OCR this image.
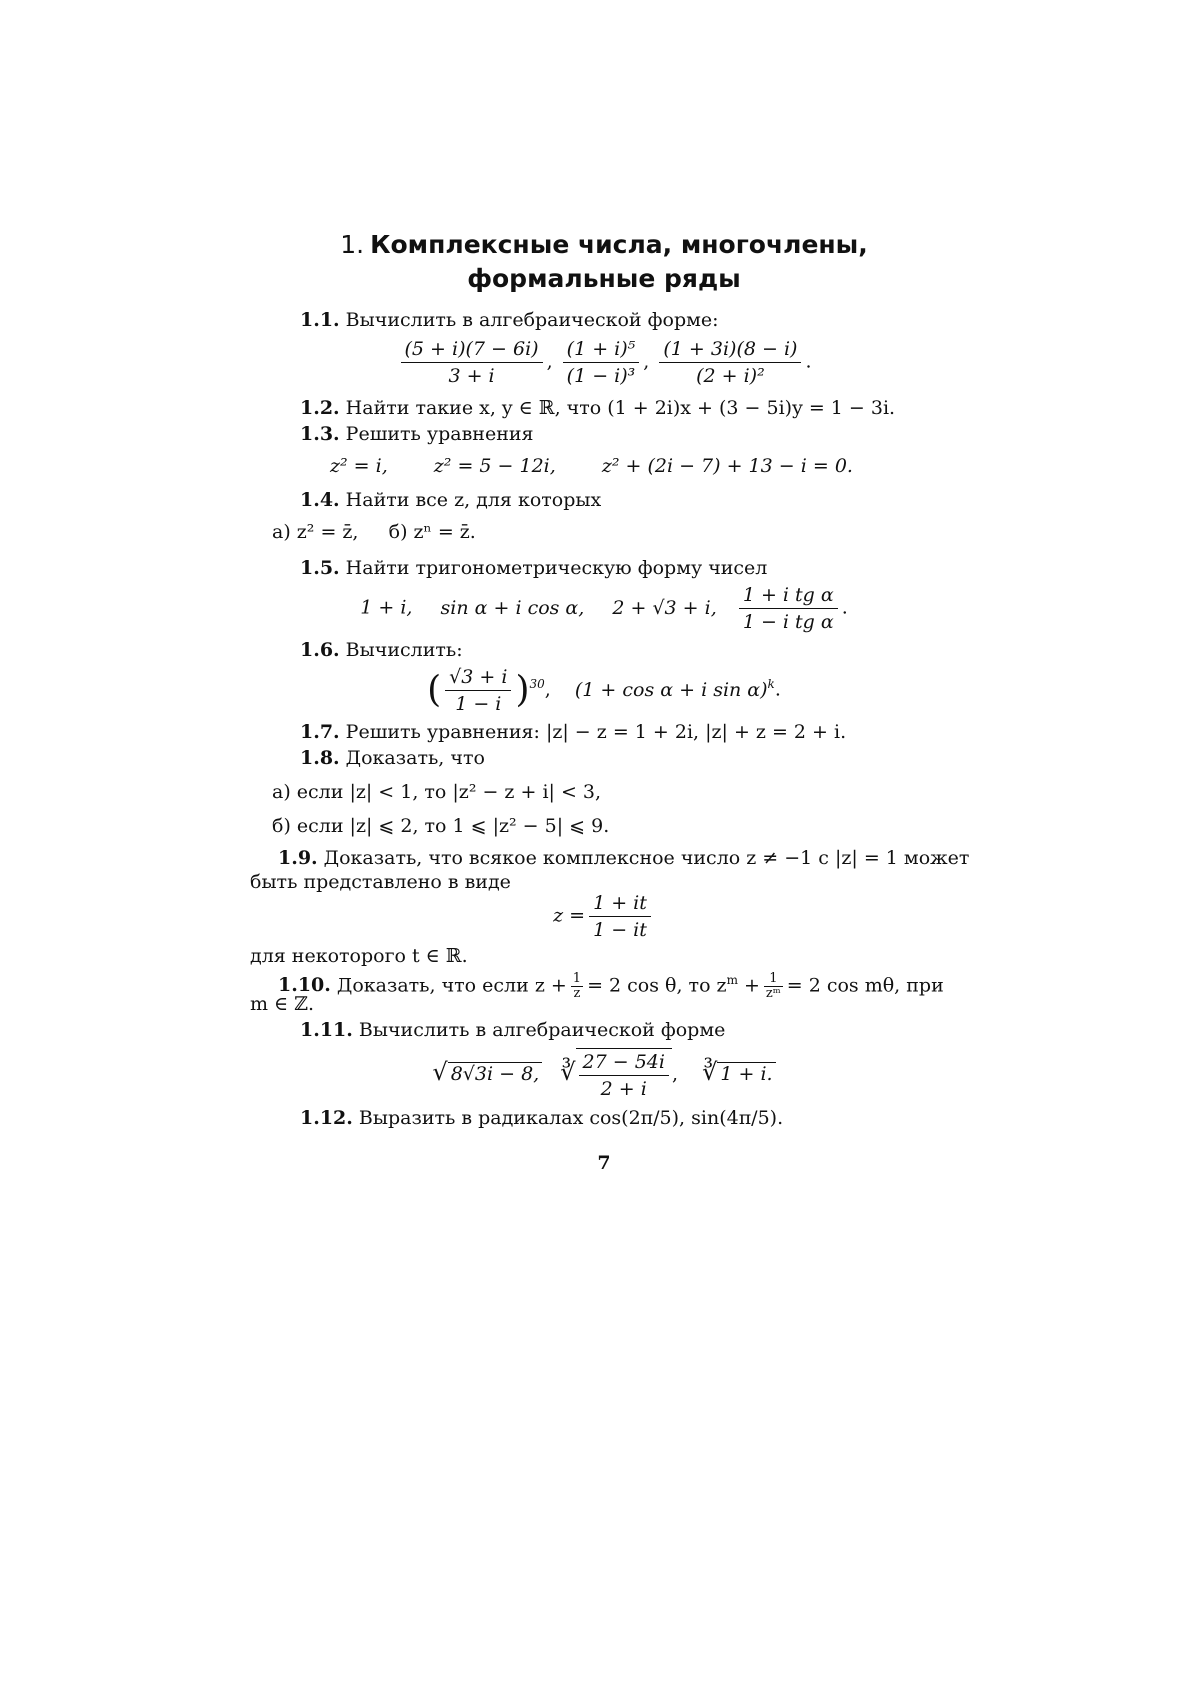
1. Комплексные числа, многочлены,
формальные ряды
1.1. Вычислить в алгебраической форме:
$\frac{(5 + i)(7 - 6i)}{3 + i}$ , $\frac{\text{(1 + i)⁵}}{\text{(1 − i)³}}$ , $\frac{(1 + 3i)(8 - i)}{\text{(2 + i)²}}$ .
1.2. Найти такие x, y ∈ ℝ, что (1 + 2i)x + (3 − 5i)y = 1 − 3i.
1.3. Решить уравнения
z² = i, z² = 5 − 12i, z² + (2i − 7) + 13 − i = 0.
1.4. Найти все z, для которых
а) z² = z̄,     б) zⁿ = z̄.
1.5. Найти тригонометрическую форму чисел
1 + i, sin α + i cos α, 2 + √3 + i, $\frac{\text{1 + i tg α}}{\text{1 − i tg α}}$ .
1.6. Вычислить:
( $\frac{√3 + i}{1 - i} )^{30}$, (1 + cos α + i sin α)$^k$.
1.7. Решить уравнения: |z| − z = 1 + 2i, |z| + z = 2 + i.
1.8. Доказать, что
а) если |z| < 1, то |z² − z + i| < 3,
б) если |z| ⩽ 2, то 1 ⩽ |z² − 5| ⩽ 9.
1.9. Доказать, что всякое комплексное число z ≠ −1 с |z| = 1 может
быть представлено в виде
$z = \frac{1 + it}{1 - it}$
для некоторого t ∈ ℝ.
1.10. Доказать, что если $z + \frac{1}{z} = 2$ cos θ, то $z^m + \frac{1}{\text{zᵐ}} = 2$ cos mθ, при
m ∈ ℤ.
1.11. Вычислить в алгебраической форме
√ 8√3i − 8, ∛ $\frac{27 - 54i}{2 + i}$ , ∛ 1 + i.
1.12. Выразить в радикалах cos(2π/5), sin(4π/5).
7
